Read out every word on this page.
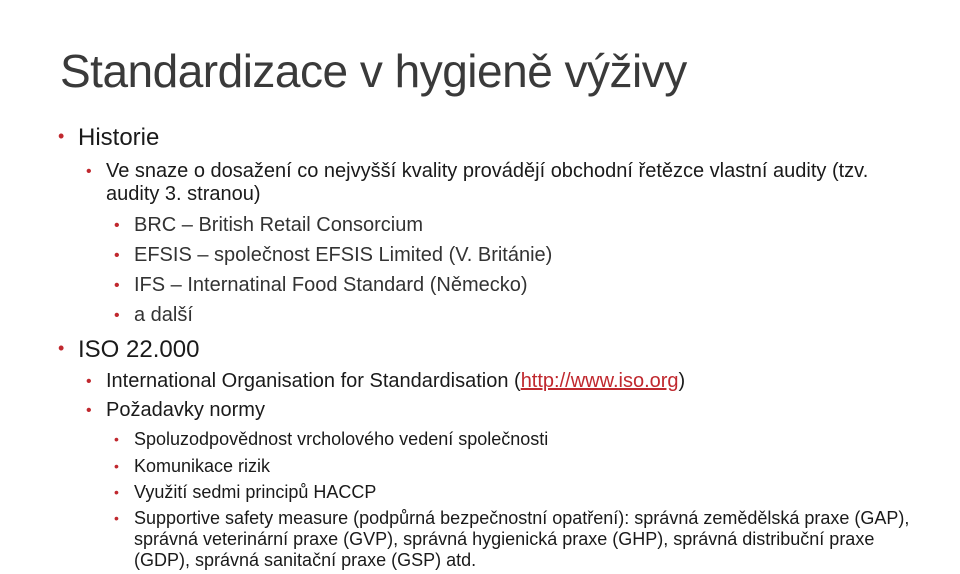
Standardizace v hygieně výživy
• Historie
• Ve snaze o dosažení co nejvyšší kvality provádějí obchodní řetězce vlastní audity (tzv. audity 3. stranou)
• BRC – British Retail Consorcium
• EFSIS – společnost EFSIS Limited (V. Británie)
• IFS – Internatinal Food Standard (Německo)
• a další
• ISO 22.000
• International Organisation for Standardisation (http://www.iso.org)
• Požadavky normy
• Spoluzodpovědnost vrcholového vedení společnosti
• Komunikace rizik
• Využití sedmi principů HACCP
• Supportive safety measure (podpůrná bezpečnostní opatření): správná zemědělská praxe (GAP), správná veterinární praxe (GVP), správná hygienická praxe (GHP), správná distribuční praxe (GDP), správná sanitační praxe (GSP) atd.
